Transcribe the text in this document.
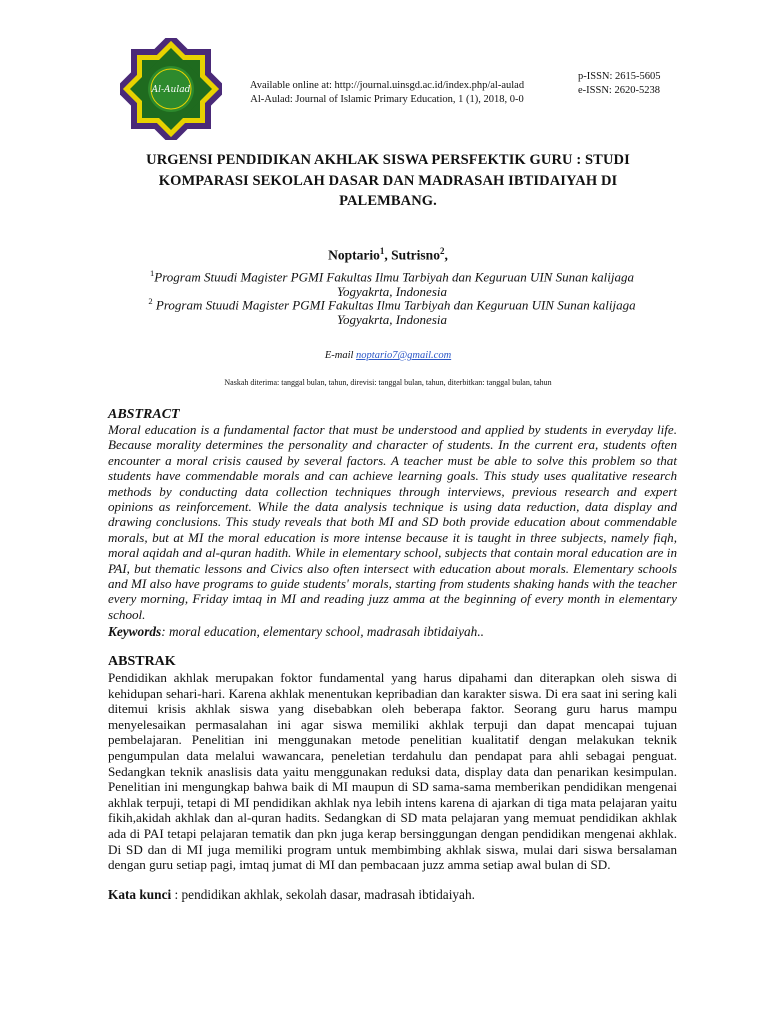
Al-Aulad	Available online at: http://journal.uinsgd.ac.id/index.php/al-aulad
Al-Aulad: Journal of Islamic Primary Education, 1 (1), 2018, 0-0
p-ISSN: 2615-5605
e-ISSN: 2620-5238
URGENSI PENDIDIKAN AKHLAK SISWA PERSFEKTIK GURU : STUDI
KOMPARASI SEKOLAH DASAR DAN MADRASAH IBTIDAIYAH DI
PALEMBANG.
Noptario$^1$, Sutrisno$^2$,
$^1$Program Stuudi Magister PGMI Fakultas Ilmu Tarbiyah dan Keguruan UIN Sunan kalijaga
Yogyakrta, Indonesia
$^2$ Program Stuudi Magister PGMI Fakultas Ilmu Tarbiyah dan Keguruan UIN Sunan kalijaga
Yogyakrta, Indonesia
E-mail noptario7@gmail.com
Naskah diterima: tanggal bulan, tahun, direvisi: tanggal bulan, tahun, diterbitkan: tanggal bulan, tahun
ABSTRACT
Moral education is a fundamental factor that must be understood and applied by students in everyday life. Because morality determines the personality and character of students. In the current era, students often encounter a moral crisis caused by several factors. A teacher must be able to solve this problem so that students have commendable morals and can achieve learning goals. This study uses qualitative research methods by conducting data collection techniques through interviews, previous research and expert opinions as reinforcement. While the data analysis technique is using data reduction, data display and drawing conclusions. This study reveals that both MI and SD both provide education about commendable morals, but at MI the moral education is more intense because it is taught in three subjects, namely fiqh, moral aqidah and al-quran hadith. While in elementary school, subjects that contain moral education are in PAI, but thematic lessons and Civics also often intersect with education about morals. Elementary schools and MI also have programs to guide students' morals, starting from students shaking hands with the teacher every morning, Friday imtaq in MI and reading juzz amma at the beginning of every month in elementary school.
Keywords: moral education, elementary school, madrasah ibtidaiyah..
ABSTRAK
Pendidikan akhlak merupakan foktor fundamental yang harus dipahami dan diterapkan oleh siswa di kehidupan sehari-hari. Karena akhlak menentukan kepribadian dan karakter siswa. Di era saat ini sering kali ditemui krisis akhlak siswa yang disebabkan oleh beberapa faktor. Seorang guru harus mampu menyelesaikan permasalahan ini agar siswa memiliki akhlak terpuji dan dapat mencapai tujuan pembelajaran. Penelitian ini menggunakan metode penelitian kualitatif dengan melakukan teknik pengumpulan data melalui wawancara, peneletian terdahulu dan pendapat para ahli sebagai penguat. Sedangkan teknik anaslisis data yaitu menggunakan reduksi data, display data dan penarikan kesimpulan. Penelitian ini mengungkap bahwa baik di MI maupun di SD sama-sama memberikan pendidikan mengenai akhlak terpuji, tetapi di MI pendidikan akhlak nya lebih intens karena di ajarkan di tiga mata pelajaran yaitu fikih,akidah akhlak dan al-quran hadits. Sedangkan di SD mata pelajaran yang memuat pendidikan akhlak ada di PAI tetapi pelajaran tematik dan pkn juga kerap bersinggungan dengan pendidikan mengenai akhlak. Di SD dan di MI juga memiliki program untuk membimbing akhlak siswa, mulai dari siswa bersalaman dengan guru setiap pagi, imtaq jumat di MI dan pembacaan juzz amma setiap awal bulan di SD.
Kata kunci : pendidikan akhlak, sekolah dasar, madrasah ibtidaiyah.
